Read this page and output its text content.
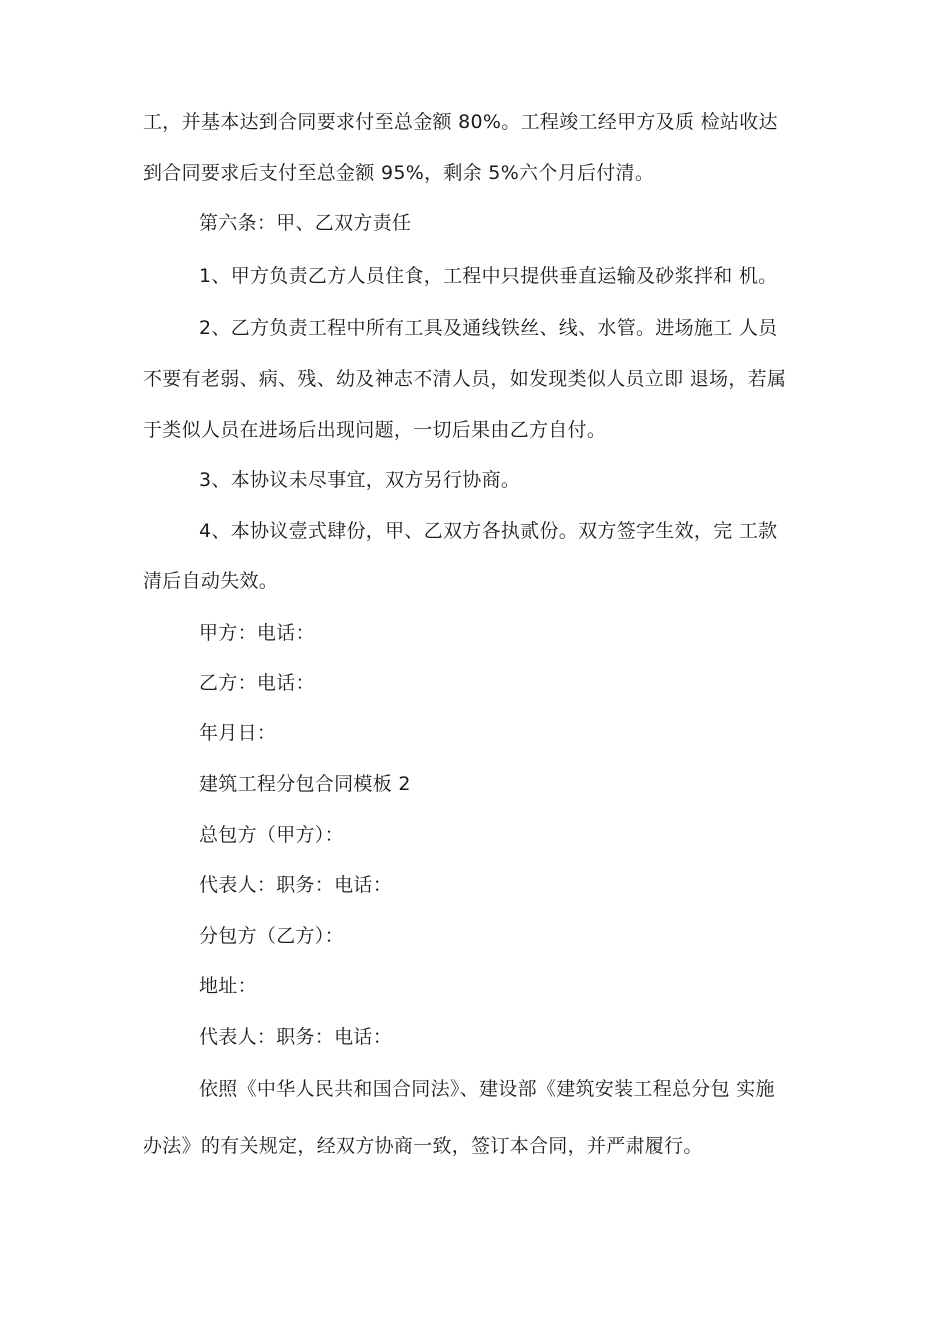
工，并基本达到合同要求付至总金额 80%。工程竣工经甲方及质 检站收达
到合同要求后支付至总金额 95%，剩余 5%六个月后付清。
第六条：甲、乙双方责任
1、甲方负责乙方人员住食，工程中只提供垂直运输及砂浆拌和 机。
2、乙方负责工程中所有工具及通线铁丝、线、水管。进场施工 人员
不要有老弱、病、残、幼及神志不清人员，如发现类似人员立即 退场，若属
于类似人员在进场后出现问题，一切后果由乙方自付。
3、本协议未尽事宜，双方另行协商。
4、本协议壹式肆份，甲、乙双方各执贰份。双方签字生效，完 工款
清后自动失效。
甲方：电话：
乙方：电话：
年月日：
建筑工程分包合同模板 2
总包方（甲方）：
代表人：职务：电话：
分包方（乙方）：
地址：
代表人：职务：电话：
依照《中华人民共和国合同法》、建设部《建筑安装工程总分包 实施
办法》的有关规定，经双方协商一致，签订本合同，并严肃履行。
